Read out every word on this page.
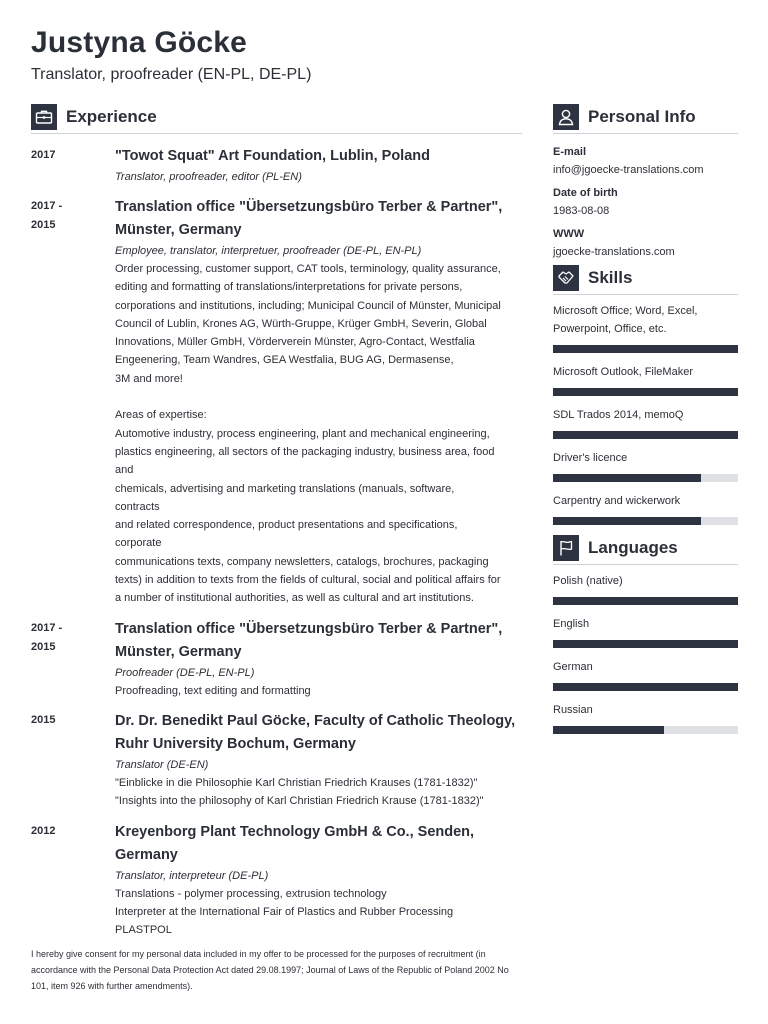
Justyna Göcke
Translator, proofreader (EN-PL, DE-PL)
Experience
2017	"Towot Squat" Art Foundation, Lublin, Poland
Translator, proofreader, editor (PL-EN)
2017 -
2015
Translation office "Übersetzungsbüro Terber & Partner", Münster, Germany
Employee, translator, interpretuer, proofreader (DE-PL, EN-PL)
Order processing, customer support, CAT tools, terminology, quality assurance,
editing and formatting of translations/interpretations for private persons,
corporations and institutions, including; Municipal Council of Münster, Municipal
Council of Lublin, Krones AG, Würth-Gruppe, Krüger GmbH, Severin, Global
Innovations, Müller GmbH, Vörderverein Münster, Agro-Contact, Westfalia
Engeenering, Team Wandres, GEA Westfalia, BUG AG, Dermasense,
3M and more!
Areas of expertise:
Automotive industry, process engineering, plant and mechanical engineering,
plastics engineering, all sectors of the packaging industry, business area, food
and
chemicals, advertising and marketing translations (manuals, software,
contracts
and related correspondence, product presentations and specifications,
corporate
communications texts, company newsletters, catalogs, brochures, packaging
texts) in addition to texts from the fields of cultural, social and political affairs for
a number of institutional authorities, as well as cultural and art institutions.
2017 -
2015
Translation office "Übersetzungsbüro Terber & Partner", Münster, Germany
Proofreader (DE-PL, EN-PL)
Proofreading, text editing and formatting
2015	Dr. Dr. Benedikt Paul Göcke, Faculty of Catholic Theology, Ruhr University Bochum, Germany
Translator (DE-EN)
"Einblicke in die Philosophie Karl Christian Friedrich Krauses (1781-1832)"
"Insights into the philosophy of Karl Christian Friedrich Krause (1781-1832)"
2012	Kreyenborg Plant Technology GmbH & Co., Senden, Germany
Translator, interpreteur (DE-PL)
Translations - polymer processing, extrusion technology
Interpreter at the International Fair of Plastics and Rubber Processing
PLASTPOL
Personal Info
E-mail
info@jgoecke-translations.com
Date of birth
1983-08-08
WWW
jgoecke-translations.com
Skills
Microsoft Office; Word, Excel, Powerpoint, Office, etc.
Microsoft Outlook, FileMaker
SDL Trados 2014, memoQ
Driver's licence
Carpentry and wickerwork
Languages
Polish (native)
English
German
Russian
I hereby give consent for my personal data included in my offer to be processed for the purposes of recruitment (in accordance with the Personal Data Protection Act dated 29.08.1997; Journal of Laws of the Republic of Poland 2002 No 101, item 926 with further amendments).
